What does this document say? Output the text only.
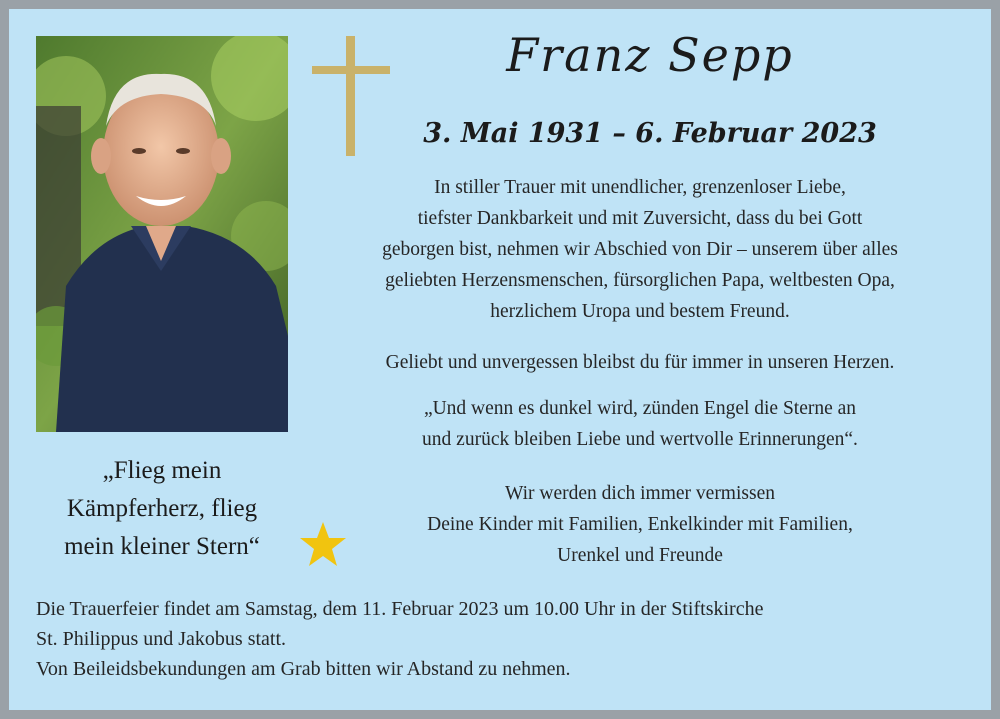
Franz Sepp
3. Mai 1931 – 6. Februar 2023
In stiller Trauer mit unendlicher, grenzenloser Liebe,
tiefster Dankbarkeit und mit Zuversicht, dass du bei Gott
geborgen bist, nehmen wir Abschied von Dir – unserem über alles
geliebten Herzensmenschen, fürsorglichen Papa, weltbesten Opa,
herzlichem Uropa und bestem Freund.
Geliebt und unvergessen bleibst du für immer in unseren Herzen.
„Und wenn es dunkel wird, zünden Engel die Sterne an
und zurück bleiben Liebe und wertvolle Erinnerungen“.
Wir werden dich immer vermissen
Deine Kinder mit Familien, Enkelkinder mit Familien,
Urenkel und Freunde
„Flieg mein
Kämpferherz, flieg
mein kleiner Stern“
Die Trauerfeier findet am Samstag, dem 11. Februar 2023 um 10.00 Uhr in der Stiftskirche
St. Philippus und Jakobus statt.
Von Beileidsbekundungen am Grab bitten wir Abstand zu nehmen.
